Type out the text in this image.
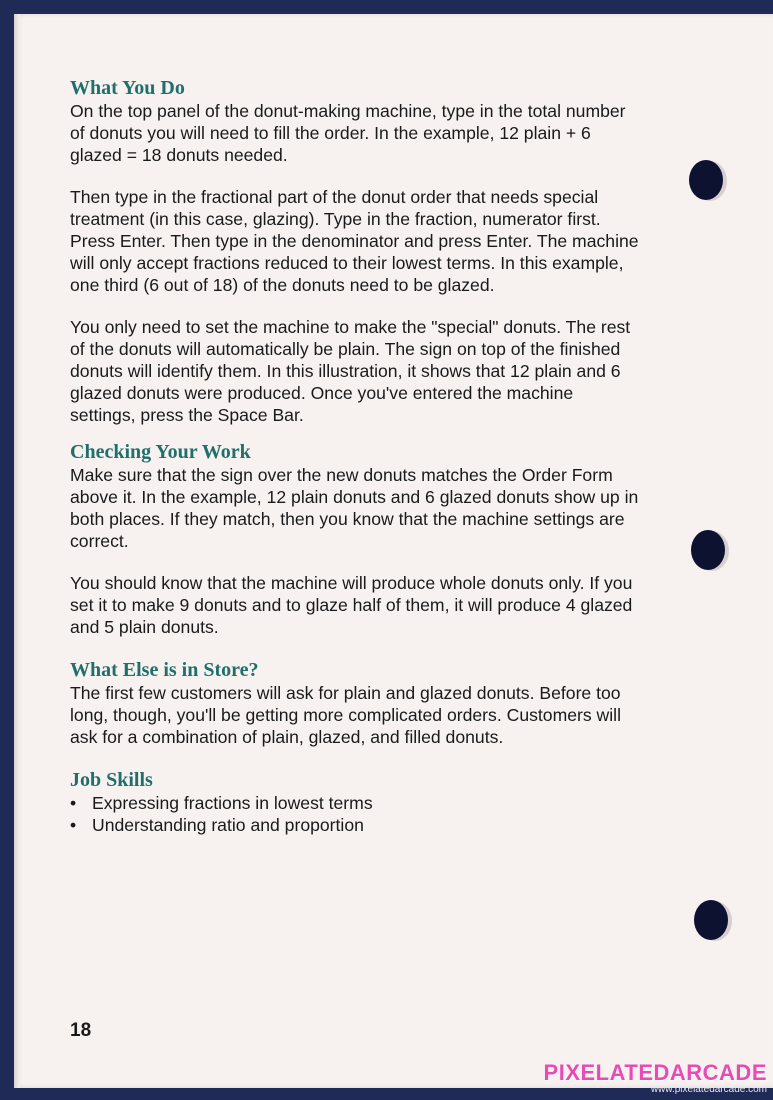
What You Do

On the top panel of the donut-making machine, type in the total number of donuts you will need to fill the order. In the example, 12 plain + 6 glazed = 18 donuts needed.

Then type in the fractional part of the donut order that needs special treatment (in this case, glazing). Type in the fraction, numerator first. Press Enter. Then type in the denominator and press Enter. The machine will only accept fractions reduced to their lowest terms. In this example, one third (6 out of 18) of the donuts need to be glazed.

You only need to set the machine to make the "special" donuts. The rest of the donuts will automatically be plain. The sign on top of the finished donuts will identify them. In this illustration, it shows that 12 plain and 6 glazed donuts were produced. Once you've entered the machine settings, press the Space Bar.

Checking Your Work

Make sure that the sign over the new donuts matches the Order Form above it. In the example, 12 plain donuts and 6 glazed donuts show up in both places. If they match, then you know that the machine settings are correct.

You should know that the machine will produce whole donuts only. If you set it to make 9 donuts and to glaze half of them, it will produce 4 glazed and 5 plain donuts.

What Else is in Store?

The first few customers will ask for plain and glazed donuts. Before too long, though, you'll be getting more complicated orders. Customers will ask for a combination of plain, glazed, and filled donuts.

Job Skills
• Expressing fractions in lowest terms
• Understanding ratio and proportion
18
PIXELATEDARCADE
www.pixelatedarcade.com
